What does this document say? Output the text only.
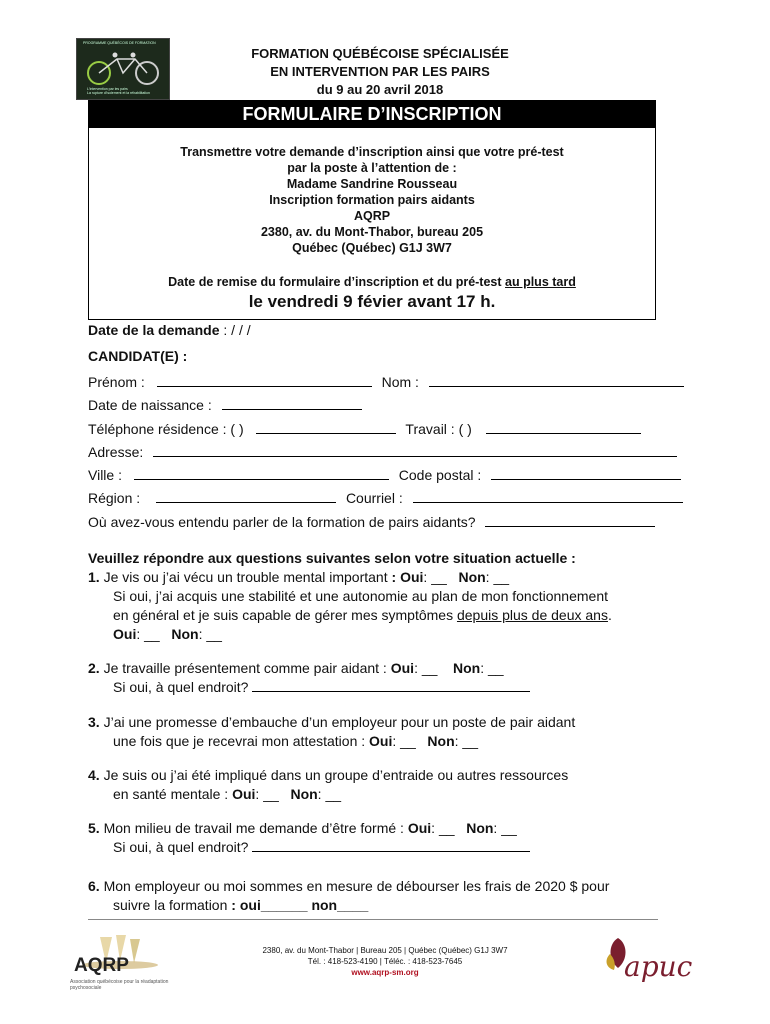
PROGRAMME QUÉBÉCOIS DE FORMATION
L'intervention par les pairs
La rupture d'isolement et la réhabilitation
FORMATION QUÉBÉCOISE SPÉCIALISÉE
EN INTERVENTION PAR LES PAIRS
du 9 au 20 avril 2018
FORMULAIRE D’INSCRIPTION
Transmettre votre demande d’inscription ainsi que votre pré-test
par la poste à l’attention de :
Madame Sandrine Rousseau
Inscription formation pairs aidants
AQRP
2380, av. du Mont-Thabor, bureau 205
Québec (Québec) G1J 3W7
Date de remise du formulaire d’inscription et du pré-test au plus tard
le vendredi 9 févier avant 17 h.
Date de la demande : / / /
CANDIDAT(E) :
Prénom :	Nom :
Date de naissance :
Téléphone résidence : ( )	Travail : ( )
Adresse:
Ville :	Code postal :
Région :	Courriel :
Où avez-vous entendu parler de la formation de pairs aidants?
Veuillez répondre aux questions suivantes selon votre situation actuelle :
1. Je vis ou j’ai vécu un trouble mental important : Oui: __   Non: __

Si oui, j’ai acquis une stabilité et une autonomie au plan de mon fonctionnement
en général et je suis capable de gérer mes symptômes depuis plus de deux ans.
Oui: __   Non: __
2. Je travaille présentement comme pair aidant : Oui: __    Non: __
Si oui, à quel endroit?
3. J’ai une promesse d’embauche d’un employeur pour un poste de pair aidant
une fois que je recevrai mon attestation : Oui: __   Non: __
4. Je suis ou j’ai été impliqué dans un groupe d’entraide ou autres ressources
en santé mentale : Oui: __   Non: __
5. Mon milieu de travail me demande d’être formé : Oui: __   Non: __
Si oui, à quel endroit?
6. Mon employeur ou moi sommes en mesure de débourser les frais de 2020 $ pour
suivre la formation : oui______ non____
AQRP
Association québécoise pour la réadaptation psychosociale
2380, av. du Mont-Thabor | Bureau 205 | Québec (Québec) G1J 3W7
Tél. : 418-523-4190 | Téléc. : 418-523-7645
www.aqrp-sm.org	apuc
